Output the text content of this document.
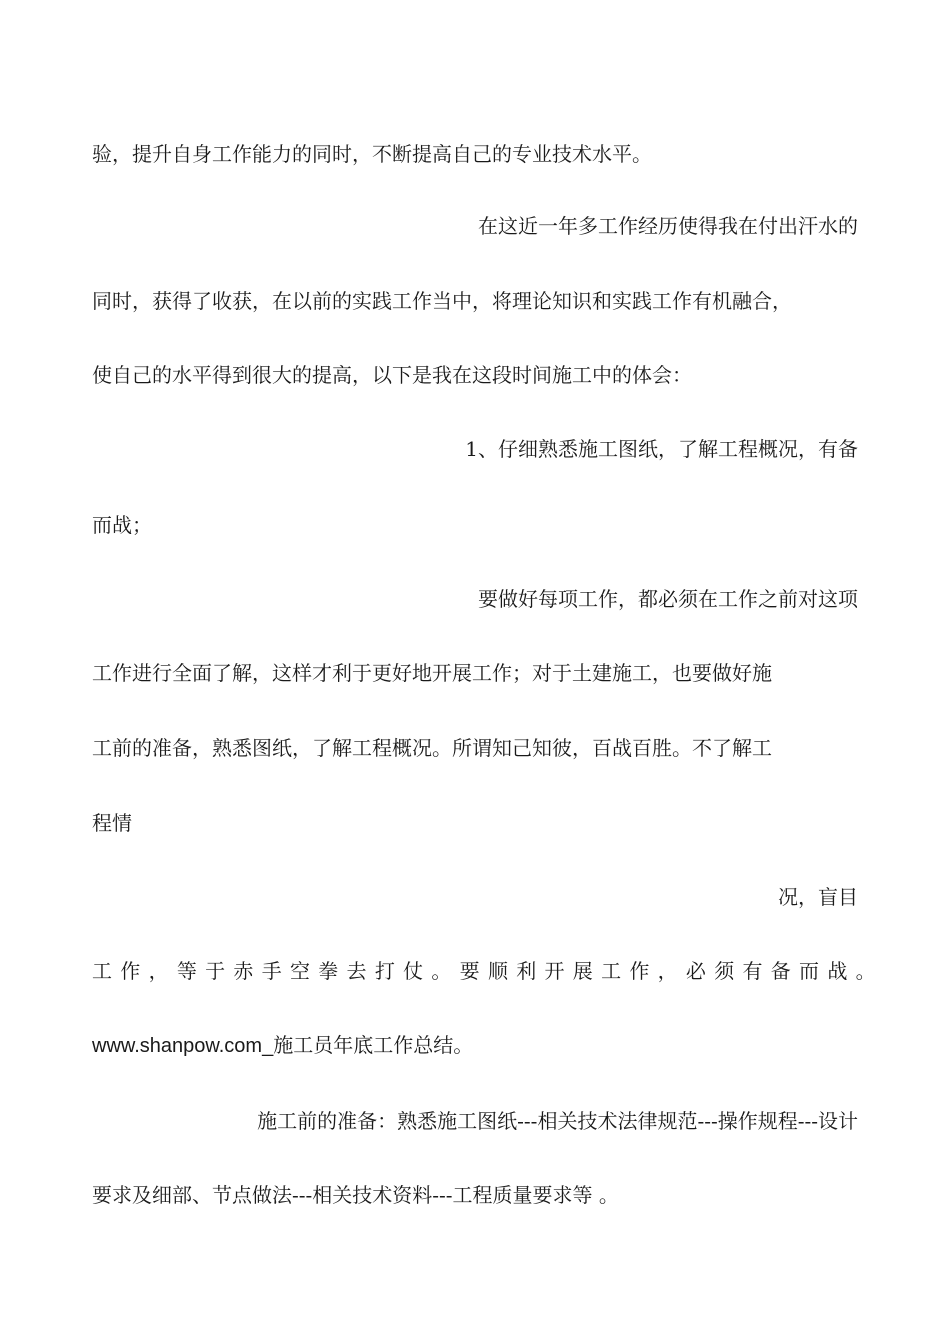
验，提升自身工作能力的同时，不断提高自己的专业技术水平。
在这近一年多工作经历使得我在付出汗水的
同时，获得了收获，在以前的实践工作当中，将理论知识和实践工作有机融合，
使自己的水平得到很大的提高，以下是我在这段时间施工中的体会：
1、仔细熟悉施工图纸，了解工程概况，有备
而战；
要做好每项工作，都必须在工作之前对这项
工作进行全面了解，这样才利于更好地开展工作；对于土建施工，也要做好施
工前的准备，熟悉图纸，了解工程概况。所谓知己知彼，百战百胜。不了解工
程情
况，盲目
工 作 ， 等 于 赤 手 空 拳 去 打 仗 。 要 顺 利 开 展 工 作 ， 必 须 有 备 而 战 。
www.shanpow.com_施工员年底工作总结。
施工前的准备：熟悉施工图纸---相关技术法律规范---操作规程---设计
要求及细部、节点做法---相关技术资料---工程质量要求等 。
